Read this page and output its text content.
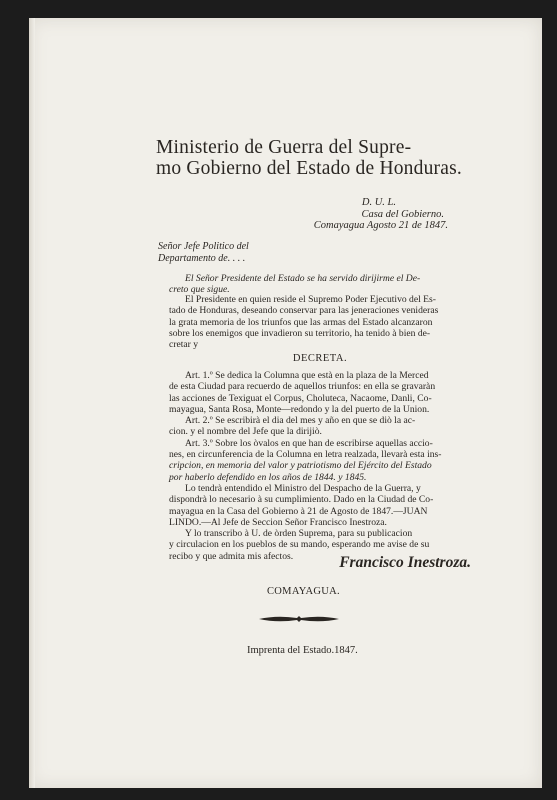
Ministerio de Guerra del Supre-
mo Gobierno del Estado de Honduras.
D. U. L.
Casa del Gobierno.
Comayagua Agosto 21 de 1847.
Señor Jefe Politico del
Departamento de. . . .
El Señor Presidente del Estado se ha servido dirijirme el De-
creto que sigue.
El Presidente en quien reside el Supremo Poder Ejecutivo del Es-
tado de Honduras, deseando conservar para las jeneraciones venideras
la grata memoria de los triunfos que las armas del Estado alcanzaron
sobre los enemigos que invadieron su territorio, ha tenido à bien de-
cretar y
DECRETA.
Art. 1.º Se dedica la Columna que està en la plaza de la Merced
de esta Ciudad para recuerdo de aquellos triunfos: en ella se gravaràn
las acciones de Texiguat el Corpus, Choluteca, Nacaome, Danli, Co-
mayagua, Santa Rosa, Monte—redondo y la del puerto de la Union.
Art. 2.º Se escribirà el dia del mes y año en que se diò la ac-
cion. y el nombre del Jefe que la dirijiò.
Art. 3.º Sobre los òvalos en que han de escribirse aquellas accio-
nes, en circunferencia de la Columna en letra realzada, llevarà esta ins-
cripcion, en memoria del valor y patriotismo del Ejército del Estado
por haberlo defendido en los años de 1844. y 1845.
Lo tendrà entendido el Ministro del Despacho de la Guerra, y
dispondrà lo necesario à su cumplimiento. Dado en la Ciudad de Co-
mayagua en la Casa del Gobierno à 21 de Agosto de 1847.—JUAN
LINDO.—Al Jefe de Seccion Señor Francisco Inestroza.
Y lo transcribo à U. de òrden Suprema, para su publicacion
y circulacion en los pueblos de su mando, esperando me avise de su
recibo y que admita mis afectos.	Francisco Inestroza.
COMAYAGUA.
Imprenta del Estado.1847.
